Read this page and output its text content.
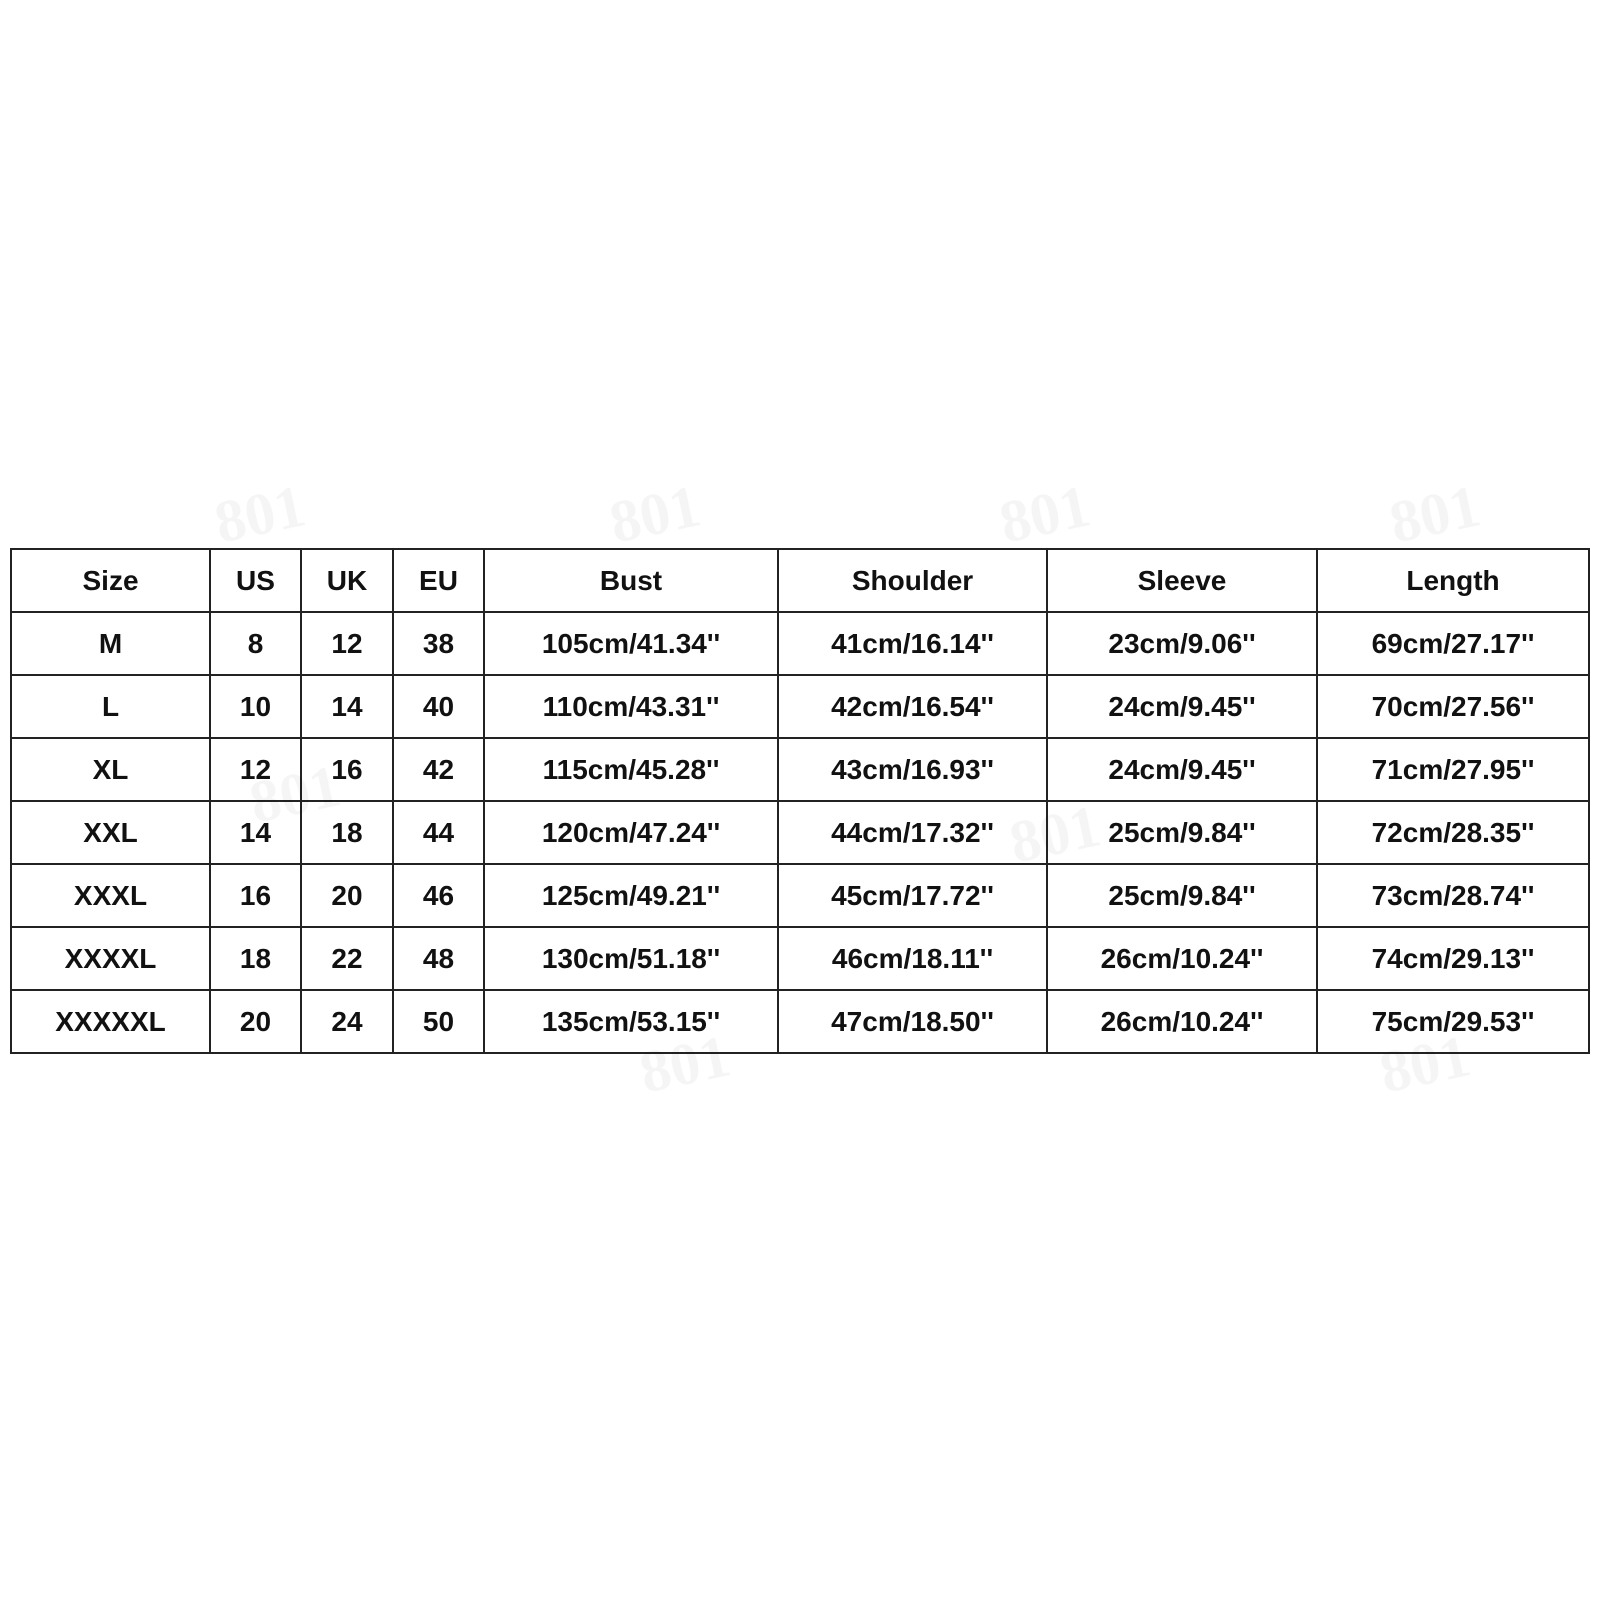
Size	US	UK	EU	Bust	Shoulder	Sleeve	Length
M	8	12	38	105cm/41.34''	41cm/16.14''	23cm/9.06''	69cm/27.17''
L	10	14	40	110cm/43.31''	42cm/16.54''	24cm/9.45''	70cm/27.56''
XL	12	16	42	115cm/45.28''	43cm/16.93''	24cm/9.45''	71cm/27.95''
XXL	14	18	44	120cm/47.24''	44cm/17.32''	25cm/9.84''	72cm/28.35''
XXXL	16	20	46	125cm/49.21''	45cm/17.72''	25cm/9.84''	73cm/28.74''
XXXXL	18	22	48	130cm/51.18''	46cm/18.11''	26cm/10.24''	74cm/29.13''
XXXXXL	20	24	50	135cm/53.15''	47cm/18.50''	26cm/10.24''	75cm/29.53''
